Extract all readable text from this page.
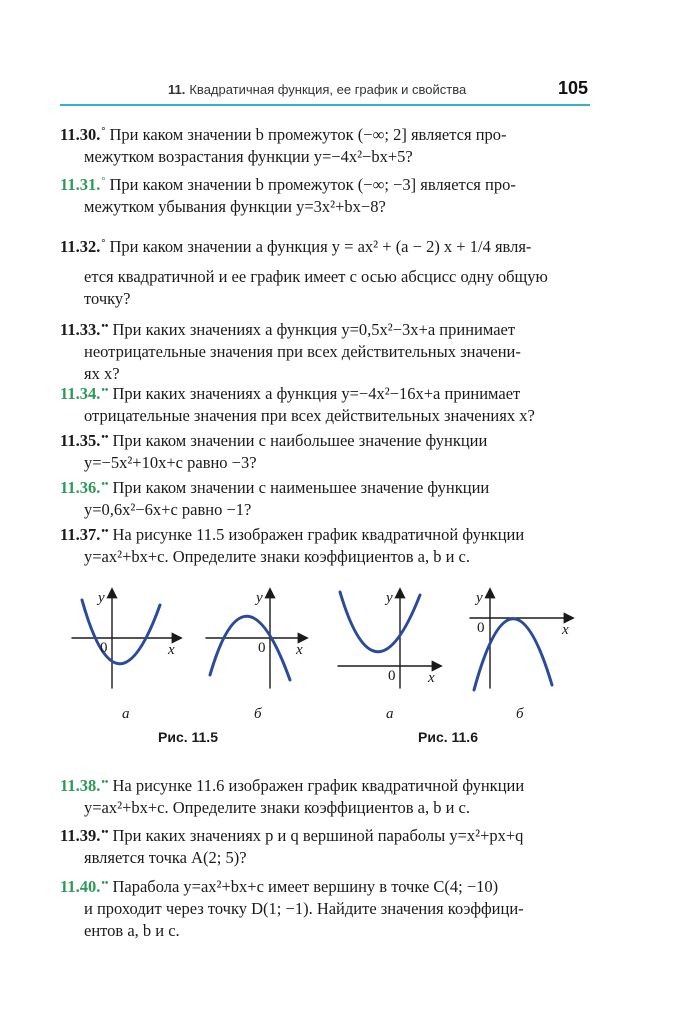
11. Квадратичная функция, ее график и свойства	105
11.30.° При каком значении b промежуток (−∞; 2] является про-
межутком возрастания функции y=−4x²−bx+5?
11.31.° При каком значении b промежуток (−∞; −3] является про-
межутком убывания функции y=3x²+bx−8?
11.32.° При каком значении a функция y = ax² + (a − 2) x + 1/4 явля-
ется квадратичной и ее график имеет с осью абсцисс одну общую
точку?
11.33.•• При каких значениях a функция y=0,5x²−3x+a принимает
неотрицательные значения при всех действительных значени-
ях x?
11.34.•• При каких значениях a функция y=−4x²−16x+a принимает
отрицательные значения при всех действительных значениях x?
11.35.•• При каком значении c наибольшее значение функции
y=−5x²+10x+c равно −3?
11.36.•• При каком значении c наименьшее значение функции
y=0,6x²−6x+c равно −1?
11.37.•• На рисунке 11.5 изображен график квадратичной функции
y=ax²+bx+c. Определите знаки коэффициентов a, b и c.
y
x
0
y
x
0
y
x
0
y
x
0
а	б	а	б
Рис. 11.5	Рис. 11.6
11.38.•• На рисунке 11.6 изображен график квадратичной функции
y=ax²+bx+c. Определите знаки коэффициентов a, b и c.
11.39.•• При каких значениях p и q вершиной параболы y=x²+px+q
является точка A(2; 5)?
11.40.•• Парабола y=ax²+bx+c имеет вершину в точке C(4; −10)
и проходит через точку D(1; −1). Найдите значения коэффици-
ентов a, b и c.
